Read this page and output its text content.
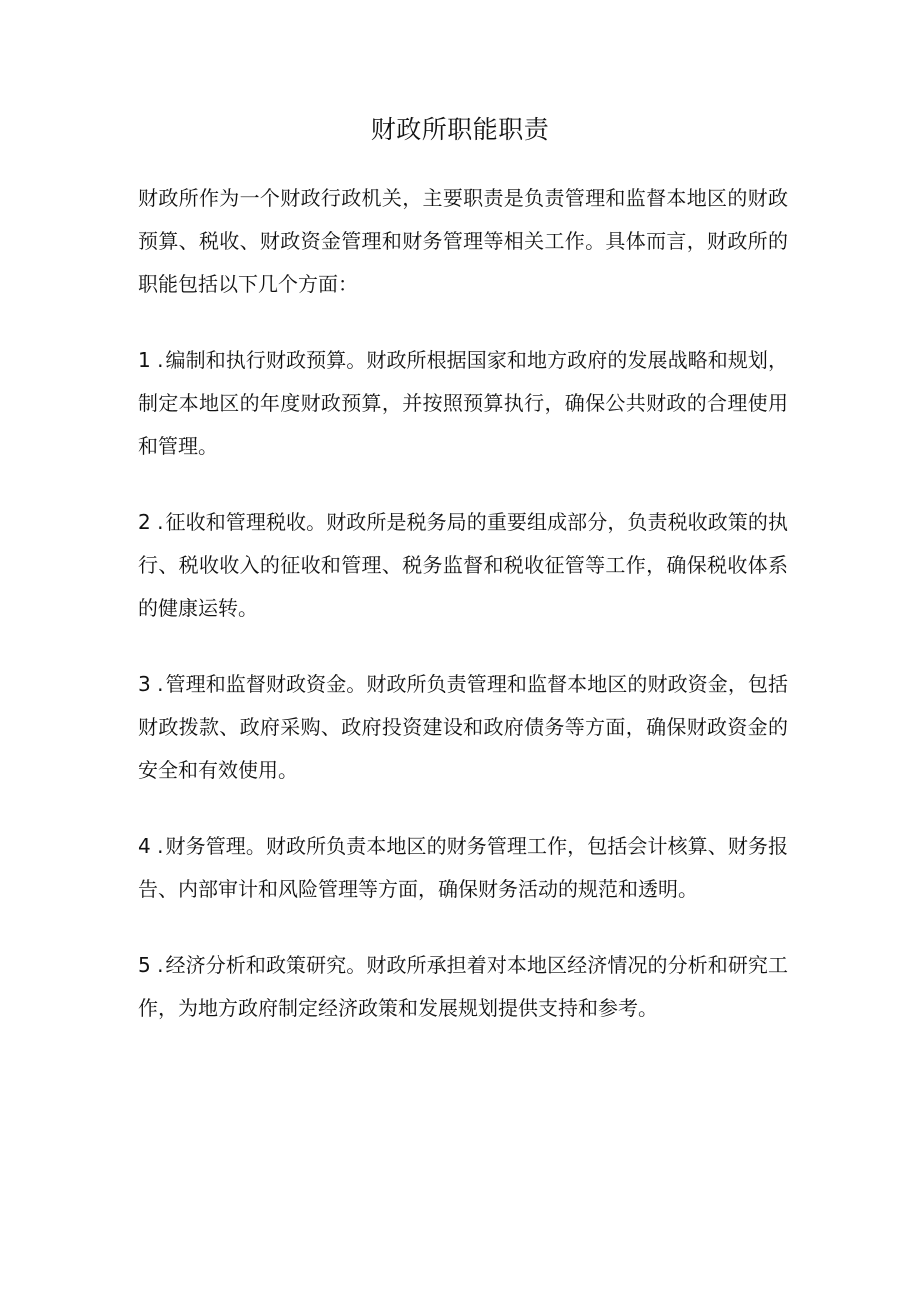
财政所职能职责

财政所作为一个财政行政机关，主要职责是负责管理和监督本地区的财政预算、税收、财政资金管理和财务管理等相关工作。具体而言，财政所的职能包括以下几个方面：

1 . 编制和执行财政预算。财政所根据国家和地方政府的发展战略和规划，制定本地区的年度财政预算，并按照预算执行，确保公共财政的合理使用和管理。

2 . 征收和管理税收。财政所是税务局的重要组成部分，负责税收政策的执行、税收收入的征收和管理、税务监督和税收征管等工作，确保税收体系的健康运转。

3 . 管理和监督财政资金。财政所负责管理和监督本地区的财政资金，包括财政拨款、政府采购、政府投资建设和政府债务等方面，确保财政资金的安全和有效使用。

4 . 财务管理。财政所负责本地区的财务管理工作，包括会计核算、财务报告、内部审计和风险管理等方面，确保财务活动的规范和透明。

5 . 经济分析和政策研究。财政所承担着对本地区经济情况的分析和研究工作，为地方政府制定经济政策和发展规划提供支持和参考。
